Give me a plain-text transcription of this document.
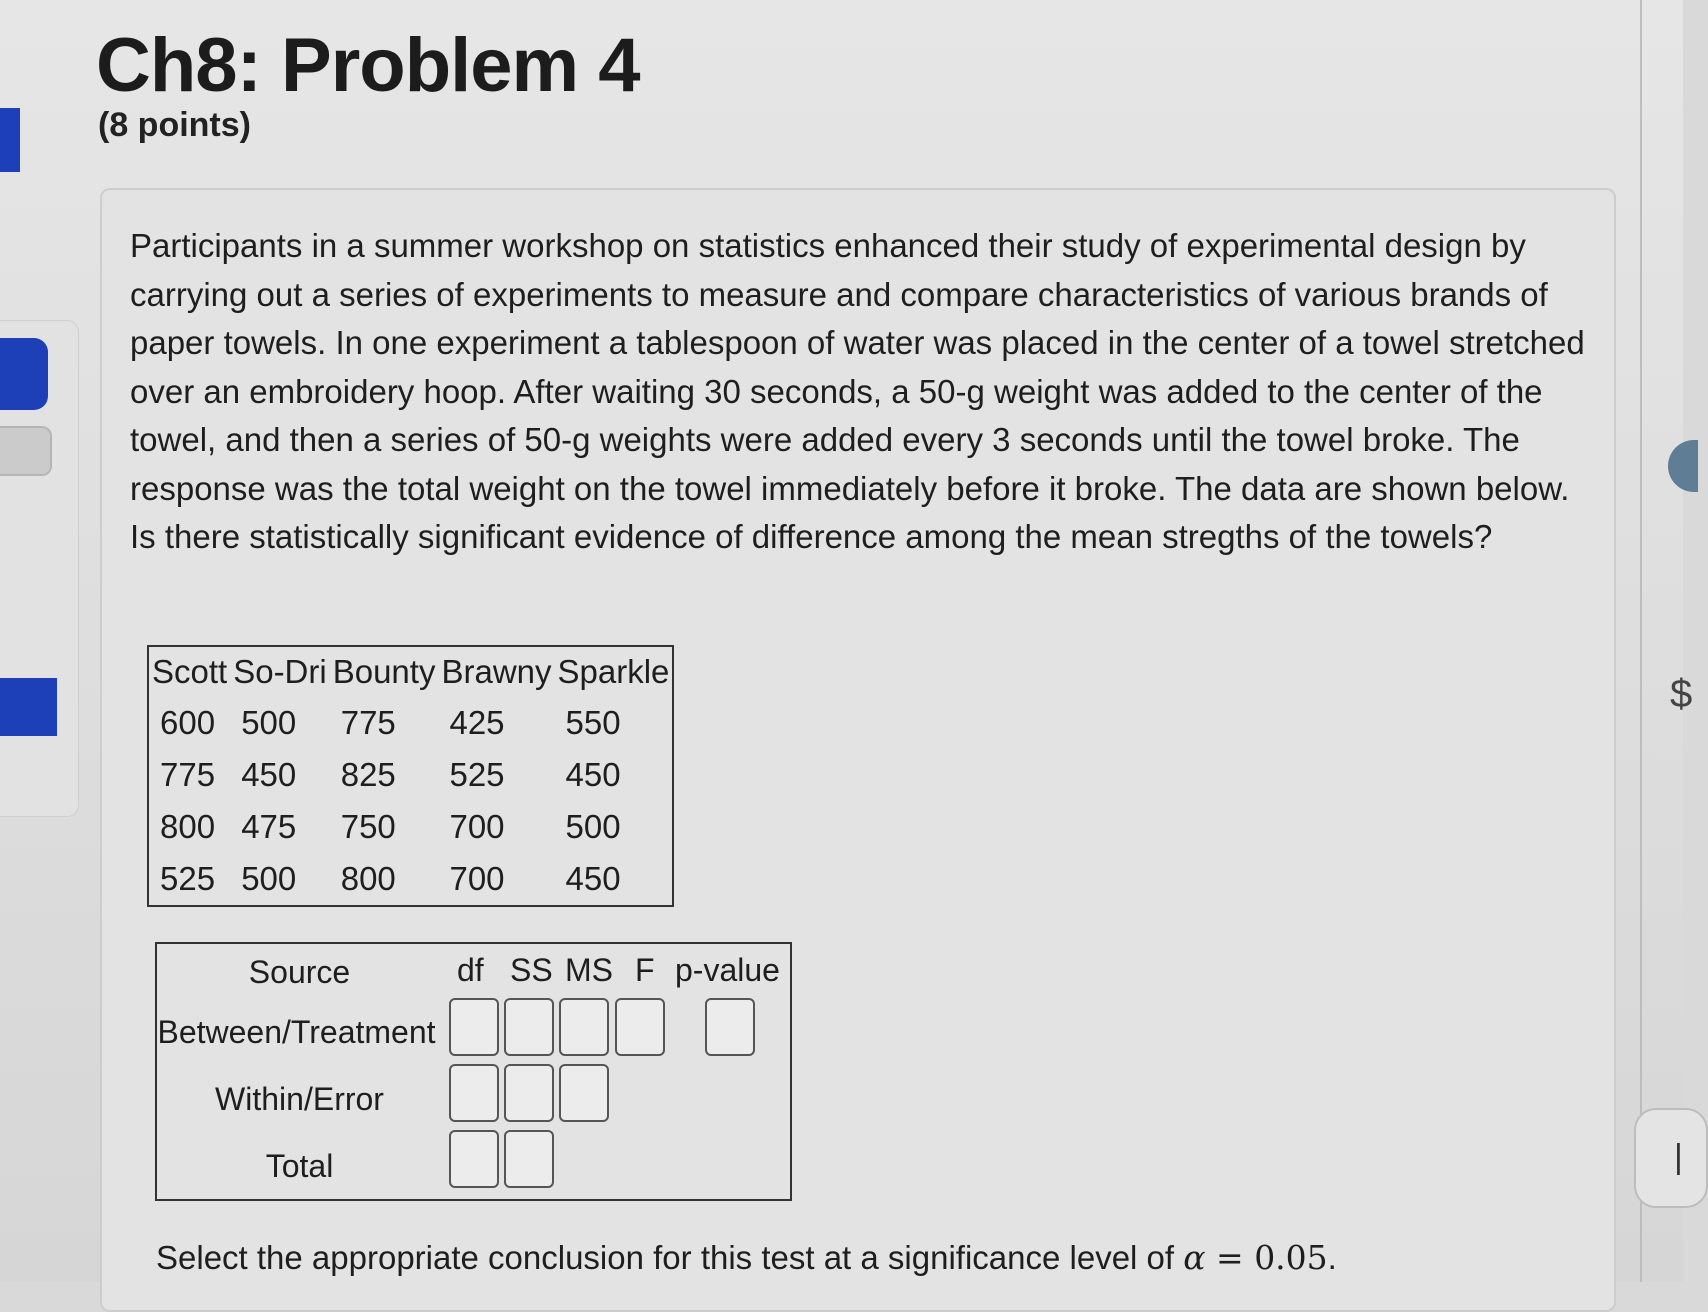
$
|
Ch8: Problem 4
(8 points)
Participants in a summer workshop on statistics enhanced their study of experimental design by carrying out a series of experiments to measure and compare characteristics of various brands of paper towels. In one experiment a tablespoon of water was placed in the center of a towel stretched over an embroidery hoop. After waiting 30 seconds, a 50-g weight was added to the center of the towel, and then a series of 50-g weights were added every 3 seconds until the towel broke. The response was the total weight on the towel immediately before it broke. The data are shown below. Is there statistically significant evidence of difference among the mean stregths of the towels?
Scott	So-Dri	Bounty	Brawny	Sparkle
600	500	775	425	550
775	450	825	525	450
800	475	750	700	500
525	500	800	700	450
Source	df SS MS F p-value
Between/Treatment
Within/Error
Total
Select the appropriate conclusion for this test at a significance level of α = 0.05.
